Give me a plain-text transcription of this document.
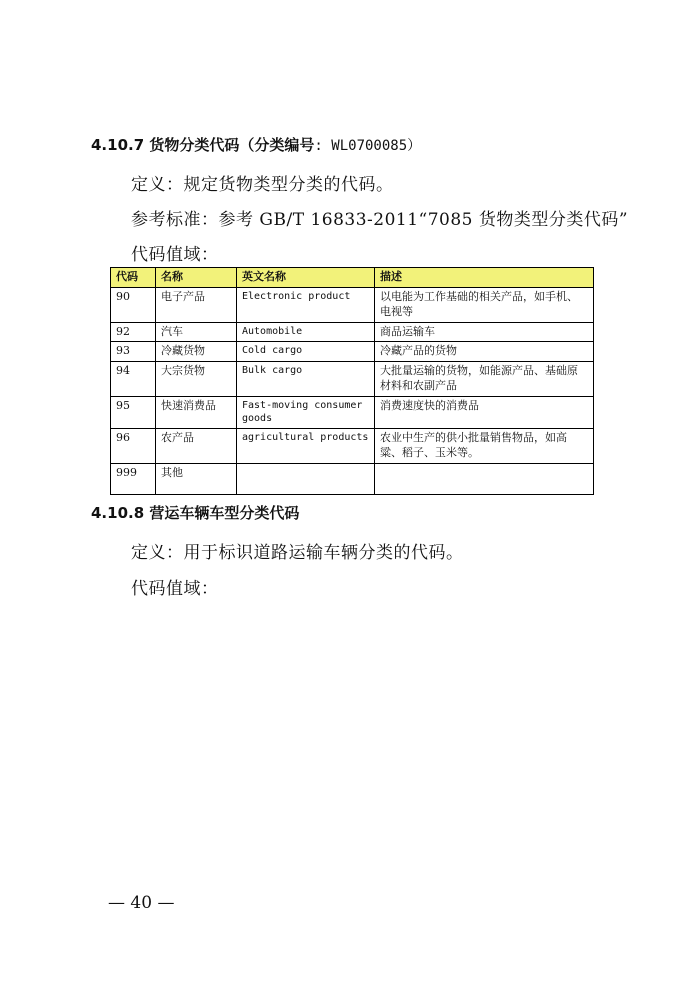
4.10.7 货物分类代码（分类编号: WL0700085）
定义：规定货物类型分类的代码。
参考标准：参考 GB/T 16833-2011“7085 货物类型分类代码”
代码值域：
代码	名称	英文名称	描述
90	电子产品	Electronic product	以电能为工作基础的相关产品，如手机、电视等
92	汽车	Automobile	商品运输车
93	冷藏货物	Cold cargo	冷藏产品的货物
94	大宗货物	Bulk cargo	大批量运输的货物，如能源产品、基础原材料和农副产品
95	快速消费品	Fast-moving consumer goods	消费速度快的消费品
96	农产品	agricultural products	农业中生产的供小批量销售物品，如高粱、稻子、玉米等。
999	其他		
4.10.8 营运车辆车型分类代码
定义：用于标识道路运输车辆分类的代码。
代码值域：
— 40 —
